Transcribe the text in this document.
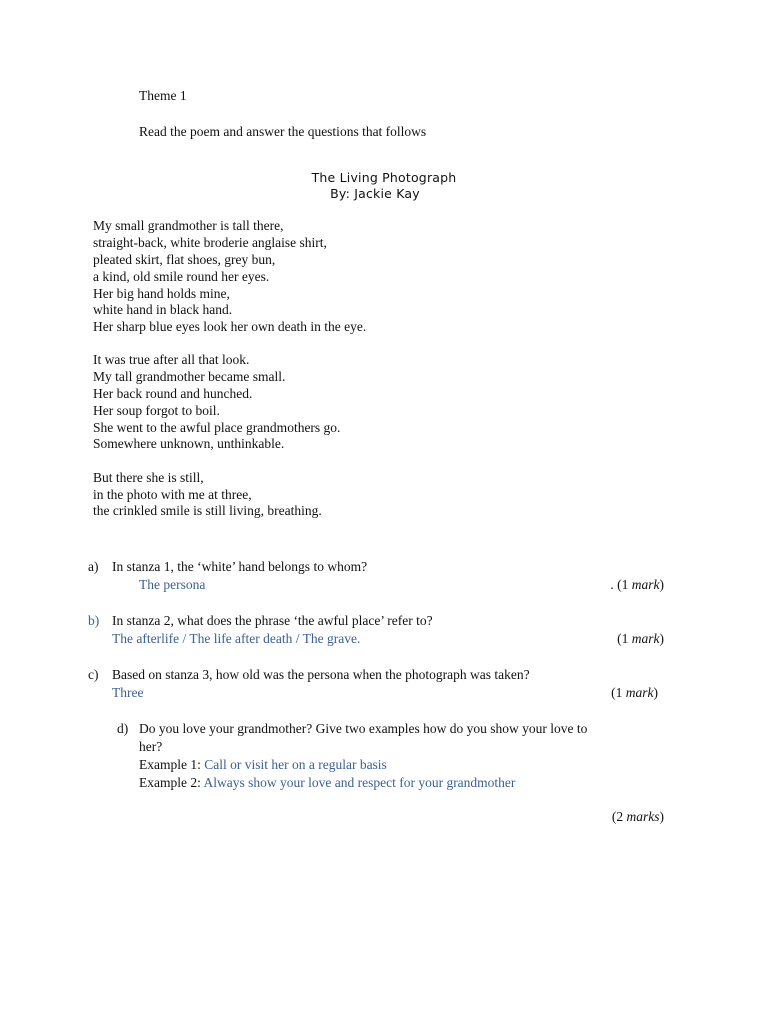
Theme 1
Read the poem and answer the questions that follows
The Living Photograph
By: Jackie Kay
My small grandmother is tall there,
straight-back, white broderie anglaise shirt,
pleated skirt, flat shoes, grey bun,
a kind, old smile round her eyes.
Her big hand holds mine,
white hand in black hand.
Her sharp blue eyes look her own death in the eye.
It was true after all that look.
My tall grandmother became small.
Her back round and hunched.
Her soup forgot to boil.
She went to the awful place grandmothers go.
Somewhere unknown, unthinkable.
But there she is still,
in the photo with me at three,
the crinkled smile is still living, breathing.
a) In stanza 1, the ‘white’ hand belongs to whom?
The persona	. (1 mark)
b) In stanza 2, what does the phrase ‘the awful place’ refer to?
The afterlife / The life after death / The grave.	(1 mark)
c) Based on stanza 3, how old was the persona when the photograph was taken?
Three	(1 mark)
d) Do you love your grandmother? Give two examples how do you show your love to
her?
Example 1: Call or visit her on a regular basis
Example 2: Always show your love and respect for your grandmother
(2 marks)
